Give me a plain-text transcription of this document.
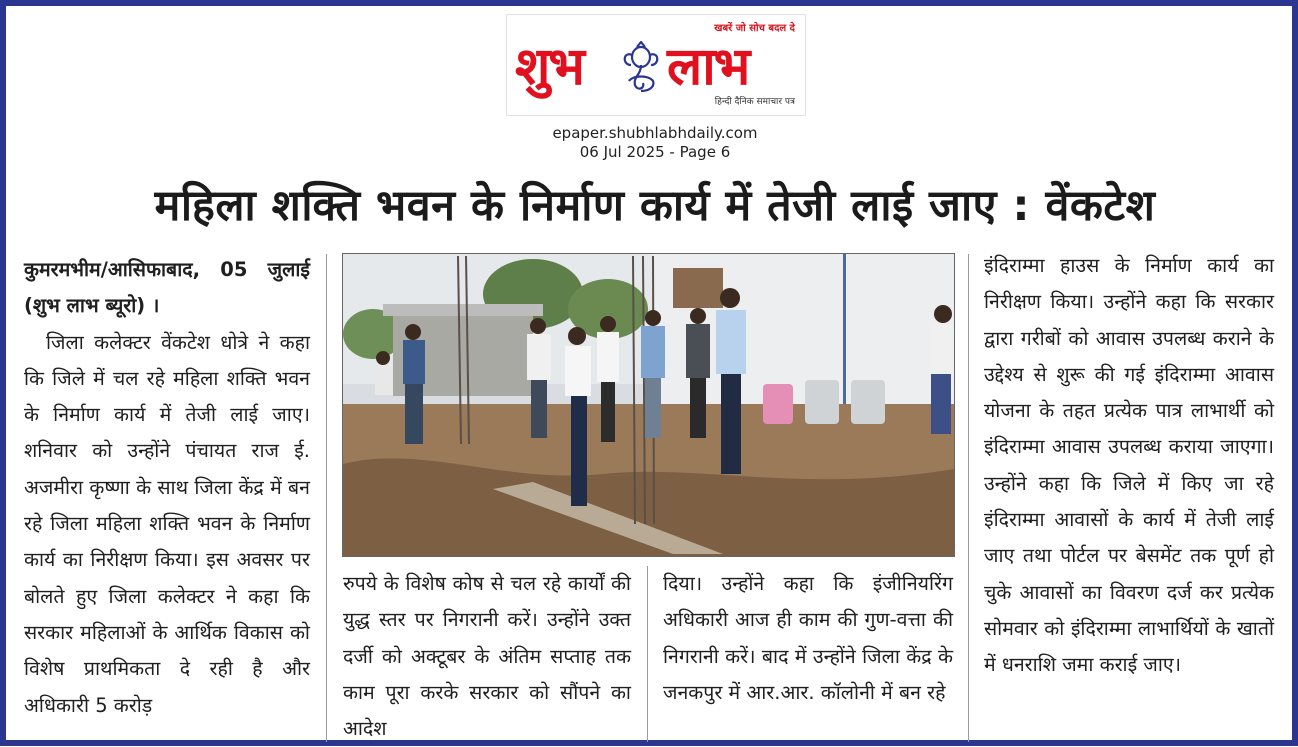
खबरें जो सोच बदल दे
शुभ लाभ
हिन्दी दैनिक समाचार पत्र
epaper.shubhlabhdaily.com
06 Jul 2025 - Page 6
महिला शक्ति भवन के निर्माण कार्य में तेजी लाई जाए : वेंकटेश

कुमरमभीम/आसिफाबाद, 05 जुलाई (शुभ लाभ ब्यूरो) ।

जिला कलेक्टर वेंकटेश धोत्रे ने कहा कि जिले में चल रहे महिला शक्ति भवन के निर्माण कार्य में तेजी लाई जाए। शनिवार को उन्होंने पंचायत राज ई. अजमीरा कृष्णा के साथ जिला केंद्र में बन रहे जिला महिला शक्ति भवन के निर्माण कार्य का निरीक्षण किया। इस अवसर पर बोलते हुए जिला कलेक्टर ने कहा कि सरकार महिलाओं के आर्थिक विकास को विशेष प्राथमिकता दे रही है और अधिकारी 5 करोड़

रुपये के विशेष कोष से चल रहे कार्यों की युद्ध स्तर पर निगरानी करें। उन्होंने उक्त दर्जी को अक्टूबर के अंतिम सप्ताह तक काम पूरा करके सरकार को सौंपने का आदेश

दिया। उन्होंने कहा कि इंजीनियरिंग अधिकारी आज ही काम की गुण-वत्ता की निगरानी करें। बाद में उन्होंने जिला केंद्र के जनकपुर में आर.आर. कॉलोनी में बन रहे

इंदिराम्मा हाउस के निर्माण कार्य का निरीक्षण किया। उन्होंने कहा कि सरकार द्वारा गरीबों को आवास उपलब्ध कराने के उद्देश्य से शुरू की गई इंदिराम्मा आवास योजना के तहत प्रत्येक पात्र लाभार्थी को इंदिराम्मा आवास उपलब्ध कराया जाएगा। उन्होंने कहा कि जिले में किए जा रहे इंदिराम्मा आवासों के कार्य में तेजी लाई जाए तथा पोर्टल पर बेसमेंट तक पूर्ण हो चुके आवासों का विवरण दर्ज कर प्रत्येक सोमवार को इंदिराम्मा लाभार्थियों के खातों में धनराशि जमा कराई जाए।
